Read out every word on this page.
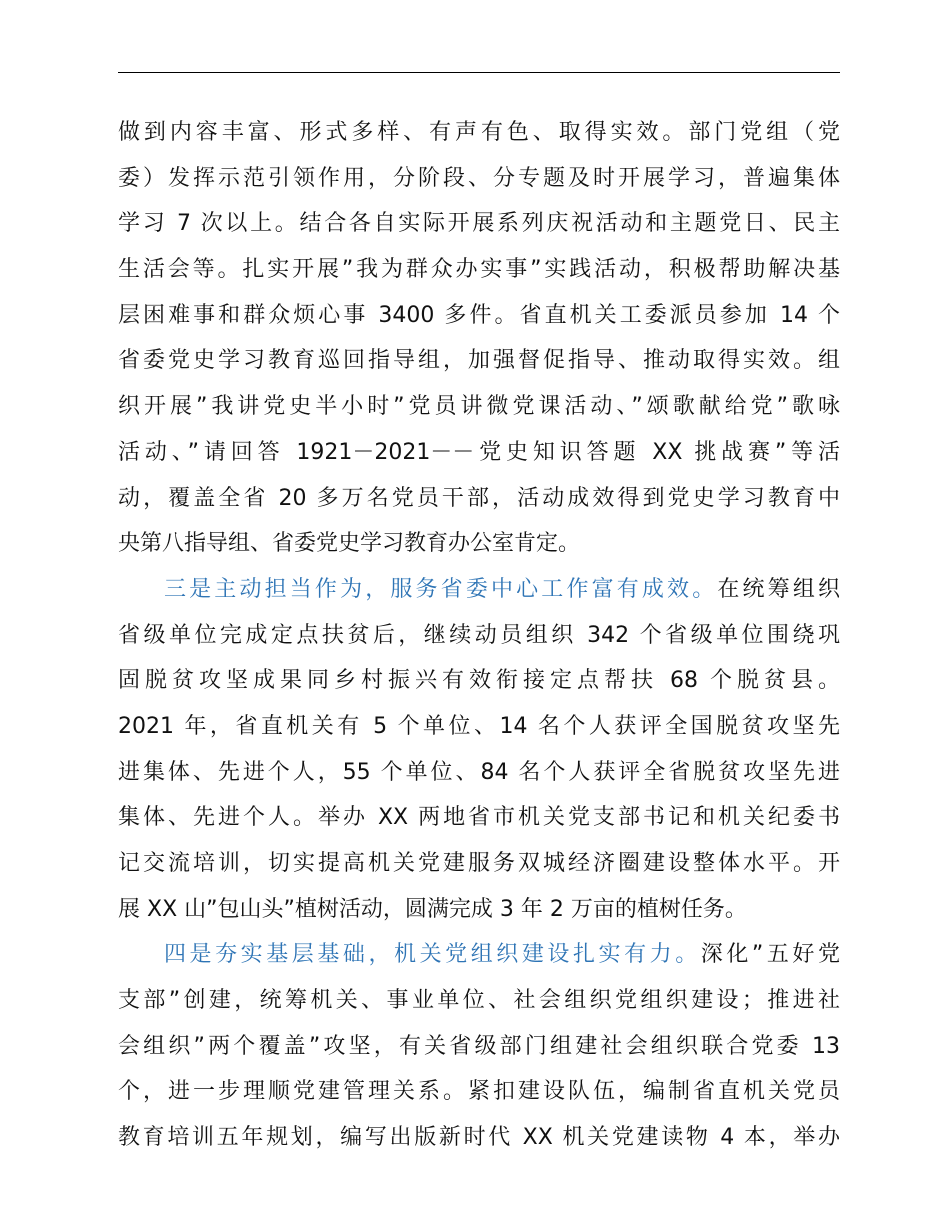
做到内容丰富、形式多样、有声有色、取得实效。部门党组（党
委）发挥示范引领作用，分阶段、分专题及时开展学习，普遍集体
学习 7 次以上。结合各自实际开展系列庆祝活动和主题党日、民主
生活会等。扎实开展”我为群众办实事”实践活动，积极帮助解决基
层困难事和群众烦心事 3400 多件。省直机关工委派员参加 14 个
省委党史学习教育巡回指导组，加强督促指导、推动取得实效。组
织开展”我讲党史半小时”党员讲微党课活动、”颂歌献给党”歌咏
活动、”请回答 1921－2021－－党史知识答题 XX 挑战赛”等活
动，覆盖全省 20 多万名党员干部，活动成效得到党史学习教育中
央第八指导组、省委党史学习教育办公室肯定。
三是主动担当作为，服务省委中心工作富有成效。在统筹组织
省级单位完成定点扶贫后，继续动员组织 342 个省级单位围绕巩
固脱贫攻坚成果同乡村振兴有效衔接定点帮扶 68 个脱贫县。
2021 年，省直机关有 5 个单位、14 名个人获评全国脱贫攻坚先
进集体、先进个人，55 个单位、84 名个人获评全省脱贫攻坚先进
集体、先进个人。举办 XX 两地省市机关党支部书记和机关纪委书
记交流培训，切实提高机关党建服务双城经济圈建设整体水平。开
展 XX 山”包山头”植树活动，圆满完成 3 年 2 万亩的植树任务。
四是夯实基层基础，机关党组织建设扎实有力。深化”五好党
支部”创建，统筹机关、事业单位、社会组织党组织建设；推进社
会组织”两个覆盖”攻坚，有关省级部门组建社会组织联合党委 13
个，进一步理顺党建管理关系。紧扣建设队伍，编制省直机关党员
教育培训五年规划，编写出版新时代 XX 机关党建读物 4 本，举办
